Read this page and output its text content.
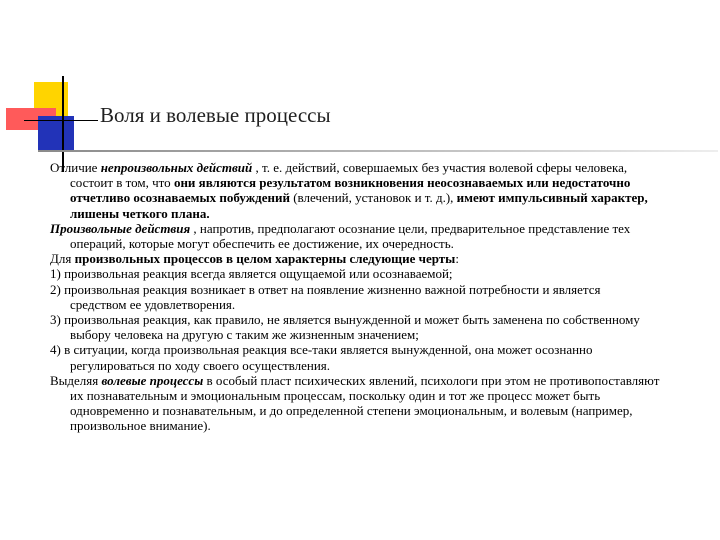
Воля и волевые процессы

Отличие непроизвольных действий , т. е. действий, совершаемых без участия волевой сферы человека, состоит в том, что они являются результатом возникновения неосознаваемых или недостаточно отчетливо осознаваемых побуждений (влечений, установок и т. д.), имеют импульсивный характер, лишены четкого плана.

Произвольные действия , напротив, предполагают осознание цели, предварительное представление тех операций, которые могут обеспечить ее достижение, их очередность.

Для произвольных процессов в целом характерны следующие черты:

1) произвольная реакция всегда является ощущаемой или осознаваемой;

2) произвольная реакция возникает в ответ на появление жизненно важной потребности и является средством ее удовлетворения.

3) произвольная реакция, как правило, не является вынужденной и может быть заменена по собственному выбору человека на другую с таким же жизненным значением;

4) в ситуации, когда произвольная реакция все-таки является вынужденной, она может осознанно регулироваться по ходу своего осуществления.

Выделяя волевые процессы в особый пласт психических явлений, психологи при этом не противопоставляют их познавательным и эмоциональным процессам, поскольку один и тот же процесс может быть одновременно и познавательным, и до определенной степени эмоциональным, и волевым (например, произвольное внимание).
